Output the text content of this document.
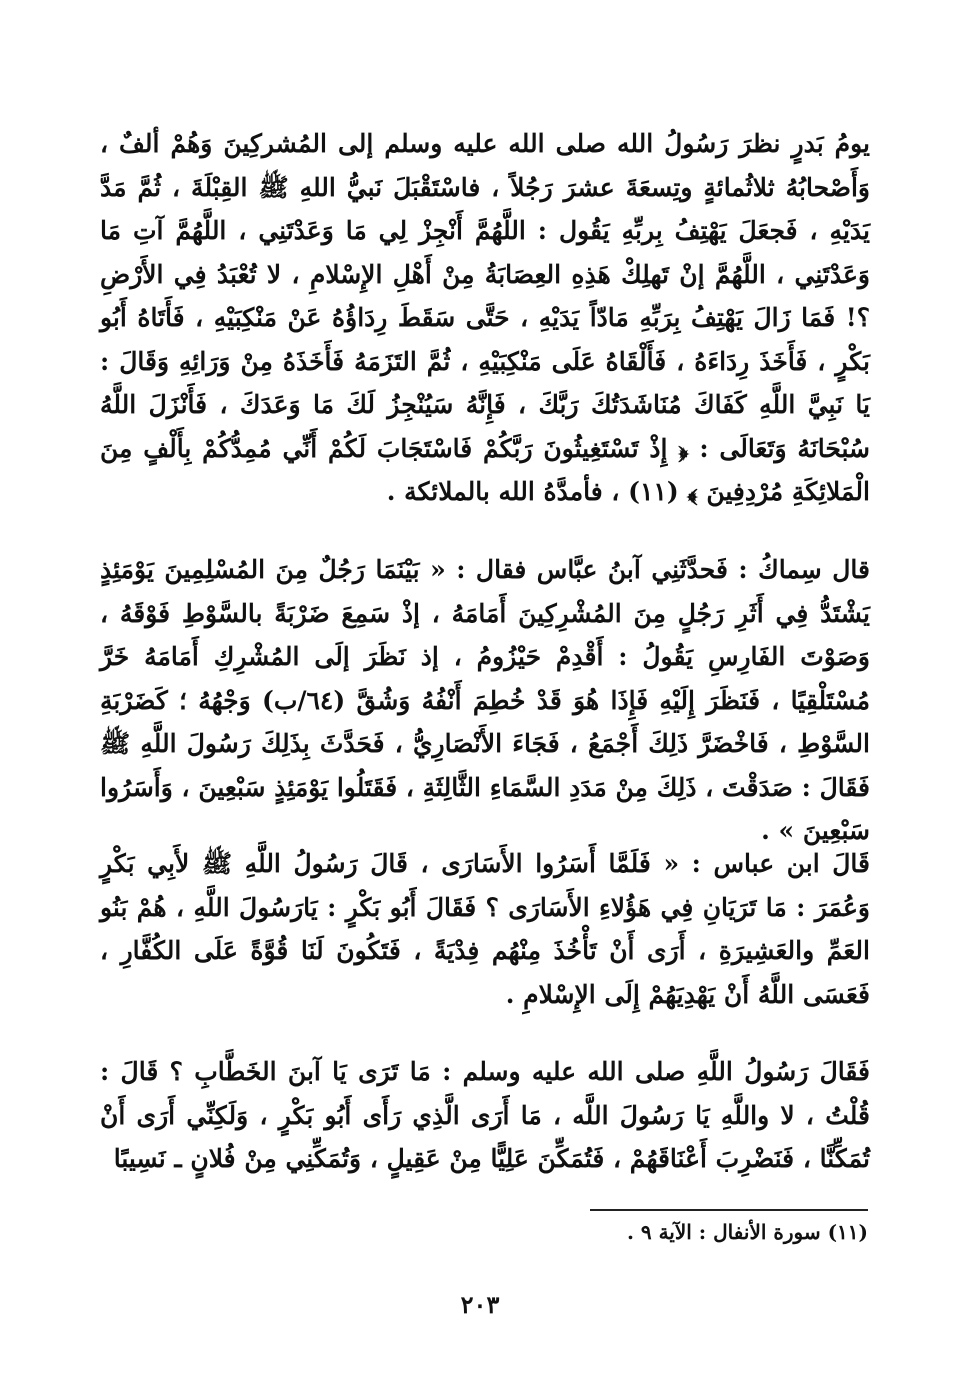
يومُ بَدرٍ نظرَ رَسُولُ الله صلى الله عليه وسلم إلى المُشركِينَ وَهُمْ ألفٌ ، وَأَصْحابُهُ ثلاثُمائةٍ وتِسعَةَ عشرَ رَجُلاً ، فاسْتَقْبَلَ نَبيُّ اللهِ ﷺ القِبْلَةَ ، ثُمَّ مَدَّ يَدَيْهِ ، فَجعَلَ يَهْتِفُ بِربِّهِ يَقُول : اللَّهُمَّ أَنْجِزْ لِي مَا وَعَدْتَنِي ، اللَّهُمَّ آتِ مَا وَعَدْتَنِي ، اللَّهُمَّ إنْ تَهلِكْ هَذِهِ العِصَابَةُ مِنْ أَهْلِ الإِسْلامِ ، لا تُعْبَدُ فِي الأَرْضِ ؟! فَمَا زَالَ يَهْتِفُ بِرَبِّهِ مَادّاً يَدَيْهِ ، حَتَّى سَقَطَ رِدَاؤُهُ عَنْ مَنْكِبَيْهِ ، فَأَتَاهُ أَبُو بَكْرٍ ، فَأَخَذَ رِدَاءَهُ ، فَأَلْقَاهُ عَلَى مَنْكِبَيْهِ ، ثُمَّ التَزَمَهُ فَأَخَذَهُ مِنْ وَرَائِهِ وَقَالَ : يَا نَبِيَّ اللَّهِ كَفَاكَ مُنَاشَدَتُكَ رَبَّكَ ، فَإِنَّهُ سَيُنْجِزُ لَكَ مَا وَعَدَكَ ، فَأَنْزَلَ اللَّهُ سُبْحَانَهُ وَتَعَالَى : ﴿ إِذْ تَسْتَغِيثُونَ رَبَّكُمْ فَاسْتَجَابَ لَكُمْ أَنِّي مُمِدُّكُمْ بِأَلْفٍ مِنَ الْمَلائِكَةِ مُرْدِفِينَ ﴾ (١١) ، فأمدَّهُ الله بالملائكة .
قال سِماكُ : فَحدَّثَنِي آبنُ عبَّاس فقال : « بَيْنَمَا رَجُلٌ مِنَ المُسْلِمِينَ يَوْمَئِذٍ يَشْتَدُّ فِي أَثَرِ رَجُلٍ مِنَ المُشْرِكِينَ أَمَامَهُ ، إذْ سَمِعَ ضَرْبَةً بالسَّوْطِ فَوْقَهُ ، وَصَوْتَ الفَارِسِ يَقُولُ : أَقْدِمْ حَيْزُومُ ، إذ نَظَرَ إلَى المُشْرِكِ أَمَامَهُ خَرَّ مُسْتَلْقِيًا ، فَنَظَرَ إِلَيْهِ فَإِذَا هُوَ قَدْ خُطِمَ أَنْفُهُ وَشُقَّ (٦٤/ب) وَجْهُهُ ؛ كَضَرْبَةِ السَّوْطِ ، فَاخْضَرَّ ذَلِكَ أَجْمَعُ ، فَجَاءَ الأَنْصَارِيُّ ، فَحَدَّثَ بِذَلِكَ رَسُولَ اللَّهِ ﷺ فَقَالَ : صَدَقْتَ ، ذَلِكَ مِنْ مَدَدِ السَّمَاءِ الثَّالِثَةِ ، فَقَتَلُوا يَوْمَئِذٍ سَبْعِينَ ، وَأَسَرُوا سَبْعِينَ » .
قَالَ ابن عباس : « فَلَمَّا أَسَرُوا الأَسَارَى ، قَالَ رَسُولُ اللَّهِ ﷺ لأَبِي بَكْرٍ وَعُمَرَ : مَا تَرَيَانِ فِي هَؤُلاءِ الأَسَارَى ؟ فَقَالَ أَبُو بَكْرٍ : يَارَسُولَ اللَّهِ ، هُمْ بَنُو العَمِّ والعَشِيرَةِ ، أَرَى أَنْ تَأْخُذَ مِنْهُم فِدْيَةً ، فَتَكُونَ لَنَا قُوَّةً عَلَى الكُفَّارِ ، فَعَسَى اللَّهُ أَنْ يَهْدِيَهُمْ إِلَى الإِسْلامِ .
فَقَالَ رَسُولُ اللَّهِ صلى الله عليه وسلم : مَا تَرَى يَا آبنَ الخَطَّابِ ؟ قَالَ : قُلْتُ ، لا واللَّهِ يَا رَسُولَ اللَّه ، مَا أَرَى الَّذِي رَأَى أَبُو بَكْرٍ ، وَلَكِنِّي أَرَى أَنْ تُمَكِّنَّا ، فَنَضْرِبَ أَعْنَاقَهُمْ ، فَتُمَكِّنَ عَلِيًّا مِنْ عَقِيلٍ ، وَتُمَكِّنِي مِنْ فُلانٍ ـ نَسِيبًا
(١١) سورة الأنفال : الآية ٩ .
٢٠٣
